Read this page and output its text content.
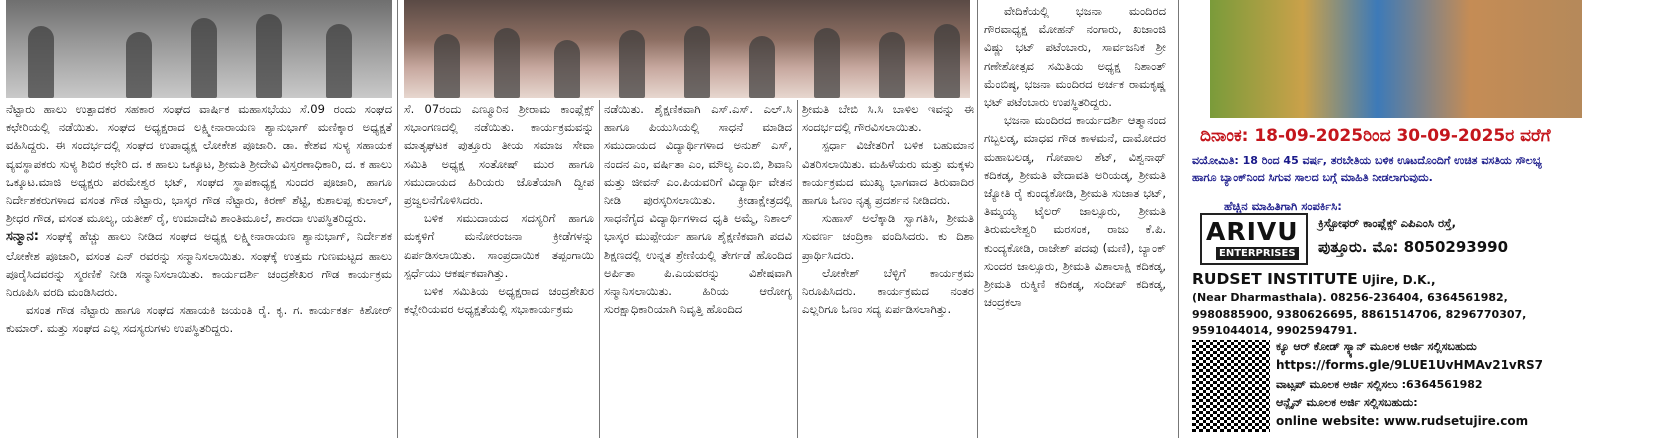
ನೆಟ್ಟಾರು ಹಾಲು ಉತ್ಪಾದಕರ ಸಹಕಾರ ಸಂಘದ ವಾರ್ಷಿಕ ಮಹಾಸಭೆಯು ಸೆ.09 ರಂದು ಸಂಘದ ಕಛೇರಿಯಲ್ಲಿ ನಡೆಯಿತು. ಸಂಘದ ಅಧ್ಯಕ್ಷರಾದ ಲಕ್ಷ್ಮೀನಾರಾಯಣ ಶ್ಯಾನುಭಾಗ್ ಮಣಿಕ್ಕಾರ ಅಧ್ಯಕ್ಷತೆ ವಹಿಸಿದ್ದರು. ಈ ಸಂದರ್ಭದಲ್ಲಿ ಸಂಘದ ಉಪಾಧ್ಯಕ್ಷ ಲೋಕೇಶ ಪೂಜಾರಿ. ಡಾ. ಕೇಶವ ಸುಳ್ಯ ಸಹಾಯಕ ವ್ಯವಸ್ಥಾಪಕರು ಸುಳ್ಯ ಶಿಬಿರ ಕಛೇರಿ ದ. ಕ ಹಾಲು ಒಕ್ಕೂಟ, ಶ್ರೀಮತಿ ಶ್ರೀದೇವಿ ವಿಸ್ತರಣಾಧಿಕಾರಿ, ದ. ಕ ಹಾಲು ಒಕ್ಕೂಟ.ಮಾಜಿ ಅಧ್ಯಕ್ಷರು ಪರಮೇಶ್ವರ ಭಟ್, ಸಂಘದ ಸ್ಥಾಪಕಾಧ್ಯಕ್ಷ ಸುಂದರ ಪೂಜಾರಿ, ಹಾಗೂ ನಿರ್ದೇಶಕರುಗಳಾದ ವಸಂತ ಗೌಡ ನೆಟ್ಟಾರು, ಭಾಸ್ಕರ ಗೌಡ ನೆಟ್ಟಾರು, ಕಿರಣ್ ಶೆಟ್ಟಿ, ಕುಶಾಲಪ್ಪ ಕುಲಾಲ್, ಶ್ರೀಧರ ಗೌಡ, ವಸಂತ ಮೂಲ್ಯ, ಯತೀಶ್ ರೈ, ಉಮಾದೇವಿ ಶಾಂತಿಮೂಲೆ, ಶಾರದಾ ಉಪಸ್ಥಿತರಿದ್ದರು.

ಸನ್ಮಾನ: ಸಂಘಕ್ಕೆ ಹೆಚ್ಚು ಹಾಲು ನೀಡಿದ ಸಂಘದ ಅಧ್ಯಕ್ಷ ಲಕ್ಷ್ಮೀನಾರಾಯಣ ಶ್ಯಾನುಭಾಗ್, ನಿರ್ದೇಶಕ ಲೋಕೇಶ ಪೂಜಾರಿ, ವಸಂತ ಎನ್ ರವರನ್ನು ಸನ್ಮಾನಿಸಲಾಯಿತು. ಸಂಘಕ್ಕೆ ಉತ್ತಮ ಗುಣಮಟ್ಟದ ಹಾಲು ಪೂರೈಸಿದವರನ್ನು ಸ್ಮರಣಿಕೆ ನೀಡಿ ಸನ್ಮಾನಿಸಲಾಯಿತು. ಕಾರ್ಯದರ್ಶಿ ಚಂದ್ರಶೇಖರ ಗೌಡ ಕಾರ್ಯಕ್ರಮ ನಿರೂಪಿಸಿ ವರದಿ ಮಂಡಿಸಿದರು.

ವಸಂತ ಗೌಡ ನೆಟ್ಟಾರು ಹಾಗೂ ಸಂಘದ ಸಹಾಯಕಿ ಜಯಂತಿ ರೈ. ಕೃ. ಗ. ಕಾರ್ಯಕರ್ತ ಕಿಶೋರ್ ಕುಮಾರ್. ಮತ್ತು ಸಂಘದ ಎಲ್ಲ ಸದಸ್ಯರುಗಳು ಉಪಸ್ಥಿತರಿದ್ದರು.

ಸೆ. 07ರಂದು ಎಣ್ಮೂರಿನ ಶ್ರೀರಾಮ ಕಾಂಪ್ಲೆಕ್ಸ್ ಸಭಾಂಗಣದಲ್ಲಿ ನಡೆಯಿತು. ಕಾರ್ಯಕ್ರಮವನ್ನು ಮಾತೃಘಟಕ ಪುತ್ತೂರು ತೀಯ ಸಮಾಜ ಸೇವಾ ಸಮಿತಿ ಅಧ್ಯಕ್ಷ ಸಂತೋಷ್ ಮುರ ಹಾಗೂ ಸಮುದಾಯದ ಹಿರಿಯರು ಜೊತೆಯಾಗಿ ದ್ವೀಪ ಪ್ರಜ್ವಲನೆಗೊಳಿಸಿದರು.

ಬಳಿಕ ಸಮುದಾಯದ ಸದಸ್ಯರಿಗೆ ಹಾಗೂ ಮಕ್ಕಳಿಗೆ ಮನೋರಂಜನಾ ಕ್ರೀಡೆಗಳನ್ನು ಏರ್ಪಡಿಸಲಾಯಿತು. ಸಾಂಪ್ರದಾಯಿಕ ತಪ್ಪಂಗಾಯಿ ಸ್ಪರ್ಧೆಯು ಆಕರ್ಷಕವಾಗಿತ್ತು.

ಬಳಿಕ ಸಮಿತಿಯ ಅಧ್ಯಕ್ಷರಾದ ಚಂದ್ರಶೇಖರ ಕಲ್ಲೇರಿಯವರ ಅಧ್ಯಕ್ಷತೆಯಲ್ಲಿ ಸಭಾಕಾರ್ಯಕ್ರಮ

ನಡೆಯಿತು. ಶೈಕ್ಷಣಿಕವಾಗಿ ಎಸ್.ಎಸ್. ಎಲ್.ಸಿ ಹಾಗೂ ಪಿಯುಸಿಯಲ್ಲಿ ಸಾಧನೆ ಮಾಡಿದ ಸಮುದಾಯದ ವಿದ್ಯಾರ್ಥಿಗಳಾದ ಅನುಶ್ ಎಸ್, ನಂದನ ಎಂ, ವರ್ಷಿತಾ ಎಂ, ಮೌಲ್ಯ ಎಂ.ಬಿ, ಶಿವಾನಿ ಮತ್ತು ಜೀವನ್ ಎಂ.ಪಿಯವರಿಗೆ ವಿದ್ಯಾರ್ಥಿ ವೇತನ ನೀಡಿ ಪುರಸ್ಕರಿಸಲಾಯಿತು. ಕ್ರೀಡಾಕ್ಷೇತ್ರದಲ್ಲಿ ಸಾಧನೆಗೈದ ವಿದ್ಯಾರ್ಥಿಗಳಾದ ಧೃತಿ ಅಮ್ಮೆ, ನಿಶಾಲ್ ಭಾಸ್ಕರ ಮುಪ್ಪೇರ್ಯ ಹಾಗೂ ಶೈಕ್ಷಣಿಕವಾಗಿ ಪದವಿ ಶಿಕ್ಷಣದಲ್ಲಿ ಉನ್ನತ ಶ್ರೇಣಿಯಲ್ಲಿ ತೇರ್ಗಡೆ ಹೊಂದಿದ ಅರ್ಪಿತಾ ಪಿ.ಎಯವರನ್ನು ವಿಶೇಷವಾಗಿ ಸನ್ಮಾನಿಸಲಾಯಿತು. ಹಿರಿಯ ಆರೋಗ್ಯ ಸುರಕ್ಷಾಧಿಕಾರಿಯಾಗಿ ನಿವೃತ್ತಿ ಹೊಂದಿದ

ಶ್ರೀಮತಿ ಬೇಬಿ ಸಿ.ಸಿ ಬಾಳಿಲ ಇವನ್ನು ಈ ಸಂದರ್ಭದಲ್ಲಿ ಗೌರವಿಸಲಾಯಿತು.

ಸ್ಪರ್ಧಾ ವಿಜೇತರಿಗೆ ಬಳಿಕ ಬಹುಮಾನ ವಿತರಿಸಲಾಯಿತು. ಮಹಿಳೆಯರು ಮತ್ತು ಮಕ್ಕಳು ಕಾರ್ಯಕ್ರಮದ ಮುಖ್ಯ ಭಾಗವಾದ ತಿರುವಾದಿರ ಹಾಗೂ ಓಣಂ ನೃತ್ಯ ಪ್ರದರ್ಶನ ನೀಡಿದರು.

ಸುಹಾಸ್ ಅಲೆಕ್ಕಾಡಿ ಸ್ವಾಗತಿಸಿ, ಶ್ರೀಮತಿ ಸುವರ್ಣ ಚಂದ್ರಿಕಾ ವಂದಿಸಿದರು. ಕು ದಿಶಾ ಪ್ರಾರ್ಥಿಸಿದರು.

ಲೋಕೇಶ್ ಬೆಳ್ಳಿಗೆ ಕಾರ್ಯಕ್ರಮ ನಿರೂಪಿಸಿದರು. ಕಾರ್ಯಕ್ರಮದ ನಂತರ ಎಲ್ಲರಿಗೂ ಓಣಂ ಸದ್ಯ ಏರ್ಪಡಿಸಲಾಗಿತ್ತು.

ವೇದಿಕೆಯಲ್ಲಿ ಭಜನಾ ಮಂದಿರದ ಗೌರವಾಧ್ಯಕ್ಷ ಮೋಹನ್ ನಂಗಾರು, ಖಜಾಂಜಿ ವಿಷ್ಣು ಭಟ್ ಪಟೆಂಬಾರು, ಸಾರ್ವಜನಿಕ ಶ್ರೀ ಗಣೇಶೋತ್ಸವ ಸಮಿತಿಯ ಅಧ್ಯಕ್ಷ ನಿಶಾಂತ್ ಮೆಂಬಿಷ್ಠ, ಭಜನಾ ಮಂದಿರದ ಅರ್ಚಕ ರಾಮಕೃಷ್ಣ ಭಟ್ ಪಟೆಂಬಾರು ಉಪಸ್ಥಿತರಿದ್ದರು.

ಭಜನಾ ಮಂದಿರದ ಕಾರ್ಯದರ್ಶಿ ಆತ್ಮಾನಂದ ಗಬ್ಬಲಡ್ಕ, ಮಾಧವ ಗೌಡ ಕಾಳಮನೆ, ದಾಮೋದರ ಮಹಾಬಲಡ್ಕ, ಗೋಪಾಲ ಶೆಟ್, ವಿಶ್ವನಾಥ್ ಕದಿಕಡ್ಕ, ಶ್ರೀಮತಿ ವೇದಾವತಿ ಅರಿಯಡ್ಕ, ಶ್ರೀಮತಿ ಜ್ಯೋತಿ ರೈ ಕುಂದ್ಯಕೋಡಿ, ಶ್ರೀಮತಿ ಸುಜಾತ ಭಟ್, ತಿಮ್ಮಯ್ಯ ಟೈಲರ್ ಜಾಲ್ಸೂರು, ಶ್ರೀಮತಿ ತಿರುಮಲೇಶ್ವರಿ ಮರಸಂಕ, ರಾಜು ಕೆ.ಪಿ. ಕುಂದ್ಯಕೋಡಿ, ರಾಜೇಶ್ ಪದವು (ಮಣಿ), ಬ್ಯಾಂಕ್ ಸುಂದರ ಜಾಲ್ಸೂರು, ಶ್ರೀಮತಿ ವಿಶಾಲಾಕ್ಷಿ ಕದಿಕಡ್ಕ, ಶ್ರೀಮತಿ ರುಕ್ಮಿಣಿ ಕದಿಕಡ್ಕ, ಸಂದೀಪ್ ಕದಿಕಡ್ಕ, ಚಂದ್ರಕಲಾ

ದಿನಾಂಕ: 18-09-2025ರಿಂದ 30-09-2025ರ ವರೆಗೆ
ವಯೋಮಿತಿ: 18 ರಿಂದ 45 ವರ್ಷ, ತರಬೇತಿಯ ಬಳಿಕ ಊಟದೊಂದಿಗೆ ಉಚಿತ ವಸತಿಯ ಸೌಲಭ್ಯ ಹಾಗೂ ಬ್ಯಾಂಕ್‌ನಿಂದ ಸಿಗುವ ಸಾಲದ ಬಗ್ಗೆ ಮಾಹಿತಿ ನೀಡಲಾಗುವುದು.
ಹೆಚ್ಚಿನ ಮಾಹಿತಿಗಾಗಿ ಸಂಪರ್ಕಿಸಿ:
ARIVU
ENTERPRISES
ಕ್ರಿಸ್ಟೋಫರ್ ಕಾಂಪ್ಲೆಕ್ಸ್ ಎಪಿಎಂಸಿ ರಸ್ತೆ,
ಪುತ್ತೂರು. ಮೊ: 8050293990
RUDSET INSTITUTE Ujire, D.K.,
(Near Dharmasthala). 08256-236404, 6364561982, 9980885900, 9380626695, 8861514706, 8296770307, 9591044014, 9902594791.
ಕ್ಯೂ ಆರ್ ಕೋಡ್ ಸ್ಕ್ಯಾನ್ ಮೂಲಕ ಅರ್ಜಿ ಸಲ್ಲಿಸಬಹುದು
https://forms.gle/9LUE1UvHMAv21vRS7
ವಾಟ್ಸಪ್ ಮೂಲಕ ಅರ್ಜಿ ಸಲ್ಲಿಸಲು :6364561982
ಆನ್ಲೈನ್ ಮೂಲಕ ಅರ್ಜಿ ಸಲ್ಲಿಸಬಹುದು:
online website: www.rudsetujire.com
